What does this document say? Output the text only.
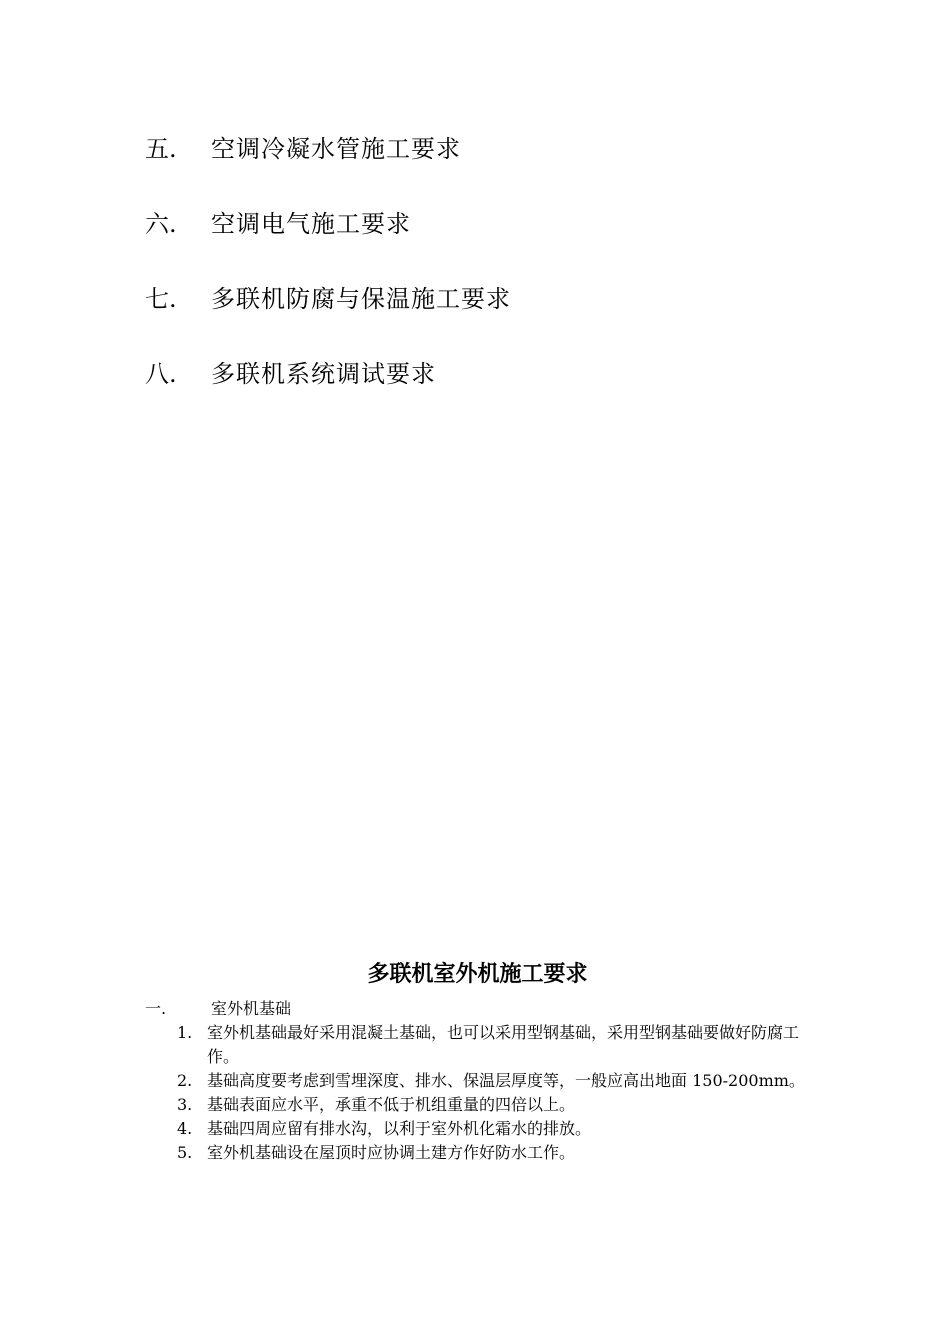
五.	空调冷凝水管施工要求
六.	空调电气施工要求
七.	多联机防腐与保温施工要求
八.	多联机系统调试要求
多联机室外机施工要求
一.	室外机基础
1. 室外机基础最好采用混凝土基础，也可以采用型钢基础，采用型钢基础要做好防腐工作。
2. 基础高度要考虑到雪埋深度、排水、保温层厚度等，一般应高出地面 150-200mm。
3. 基础表面应水平，承重不低于机组重量的四倍以上。
4. 基础四周应留有排水沟，以利于室外机化霜水的排放。
5. 室外机基础设在屋顶时应协调土建方作好防水工作。
